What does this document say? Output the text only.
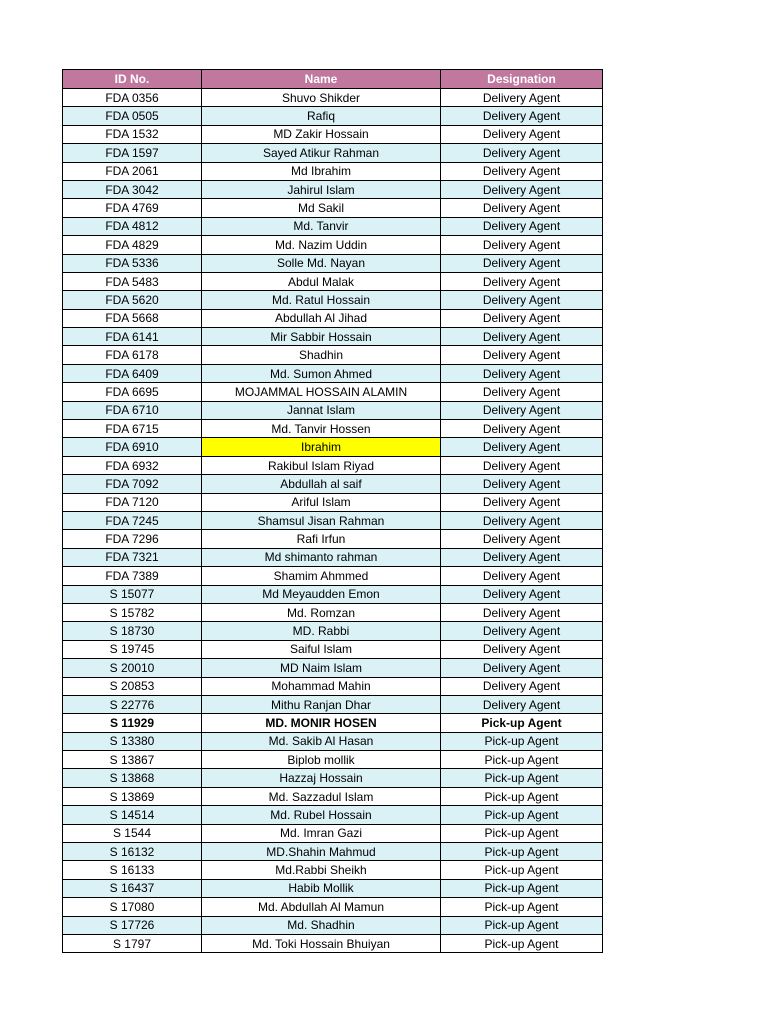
ID No.	Name	Designation
FDA 0356	Shuvo Shikder	Delivery Agent
FDA 0505	Rafiq	Delivery Agent
FDA 1532	MD Zakir Hossain	Delivery Agent
FDA 1597	Sayed Atikur Rahman	Delivery Agent
FDA 2061	Md Ibrahim	Delivery Agent
FDA 3042	Jahirul Islam	Delivery Agent
FDA 4769	Md Sakil	Delivery Agent
FDA 4812	Md. Tanvir	Delivery Agent
FDA 4829	Md. Nazim Uddin	Delivery Agent
FDA 5336	Solle Md. Nayan	Delivery Agent
FDA 5483	Abdul Malak	Delivery Agent
FDA 5620	Md. Ratul Hossain	Delivery Agent
FDA 5668	Abdullah Al Jihad	Delivery Agent
FDA 6141	Mir Sabbir Hossain	Delivery Agent
FDA 6178	Shadhin	Delivery Agent
FDA 6409	Md. Sumon Ahmed	Delivery Agent
FDA 6695	MOJAMMAL HOSSAIN ALAMIN	Delivery Agent
FDA 6710	Jannat Islam	Delivery Agent
FDA 6715	Md. Tanvir Hossen	Delivery Agent
FDA 6910	Ibrahim	Delivery Agent
FDA 6932	Rakibul Islam Riyad	Delivery Agent
FDA 7092	Abdullah al saif	Delivery Agent
FDA 7120	Ariful Islam	Delivery Agent
FDA 7245	Shamsul Jisan Rahman	Delivery Agent
FDA 7296	Rafi Irfun	Delivery Agent
FDA 7321	Md shimanto rahman	Delivery Agent
FDA 7389	Shamim Ahmmed	Delivery Agent
S 15077	Md Meyaudden Emon	Delivery Agent
S 15782	Md. Romzan	Delivery Agent
S 18730	MD. Rabbi	Delivery Agent
S 19745	Saiful Islam	Delivery Agent
S 20010	MD Naim Islam	Delivery Agent
S 20853	Mohammad Mahin	Delivery Agent
S 22776	Mithu Ranjan Dhar	Delivery Agent
S 11929	MD. MONIR HOSEN	Pick-up Agent
S 13380	Md. Sakib Al Hasan	Pick-up Agent
S 13867	Biplob mollik	Pick-up Agent
S 13868	Hazzaj Hossain	Pick-up Agent
S 13869	Md. Sazzadul Islam	Pick-up Agent
S 14514	Md. Rubel Hossain	Pick-up Agent
S 1544	Md. Imran Gazi	Pick-up Agent
S 16132	MD.Shahin Mahmud	Pick-up Agent
S 16133	Md.Rabbi Sheikh	Pick-up Agent
S 16437	Habib Mollik	Pick-up Agent
S 17080	Md. Abdullah Al Mamun	Pick-up Agent
S 17726	Md. Shadhin	Pick-up Agent
S 1797	Md. Toki Hossain Bhuiyan	Pick-up Agent
